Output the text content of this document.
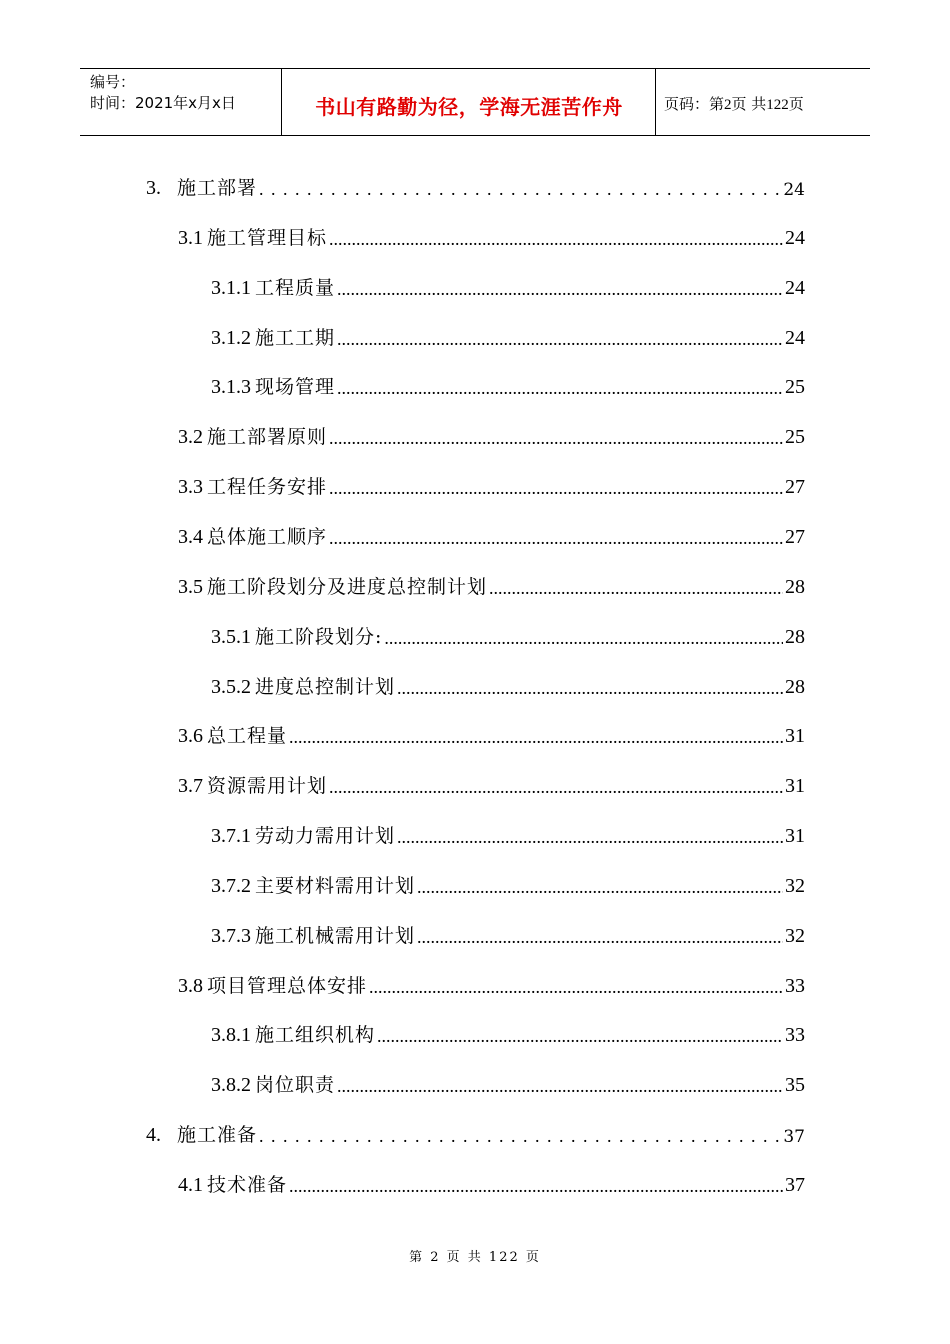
编号：
时间：2021年x月x日	书山有路勤为径，学海无涯苦作舟	页码：第2页 共122页
3. 施工部署 . . .	24
3.1 施工管理目标 .....	24
3.1.1 工程质量 .....	24
3.1.2 施工工期 .....	24
3.1.3 现场管理 .....	25
3.2 施工部署原则 .....	25
3.3 工程任务安排 .....	27
3.4 总体施工顺序 .....	27
3.5 施工阶段划分及进度总控制计划 .....	28
3.5.1 施工阶段划分: .....	28
3.5.2 进度总控制计划 .....	28
3.6 总工程量 .....	31
3.7 资源需用计划 .....	31
3.7.1 劳动力需用计划 .....	31
3.7.2 主要材料需用计划 .....	32
3.7.3 施工机械需用计划 .....	32
3.8 项目管理总体安排 .....	33
3.8.1 施工组织机构 .....	33
3.8.2 岗位职责 .....	35
4. 施工准备 . . .	37
4.1 技术准备 .....	37
第 2 页 共 122 页
